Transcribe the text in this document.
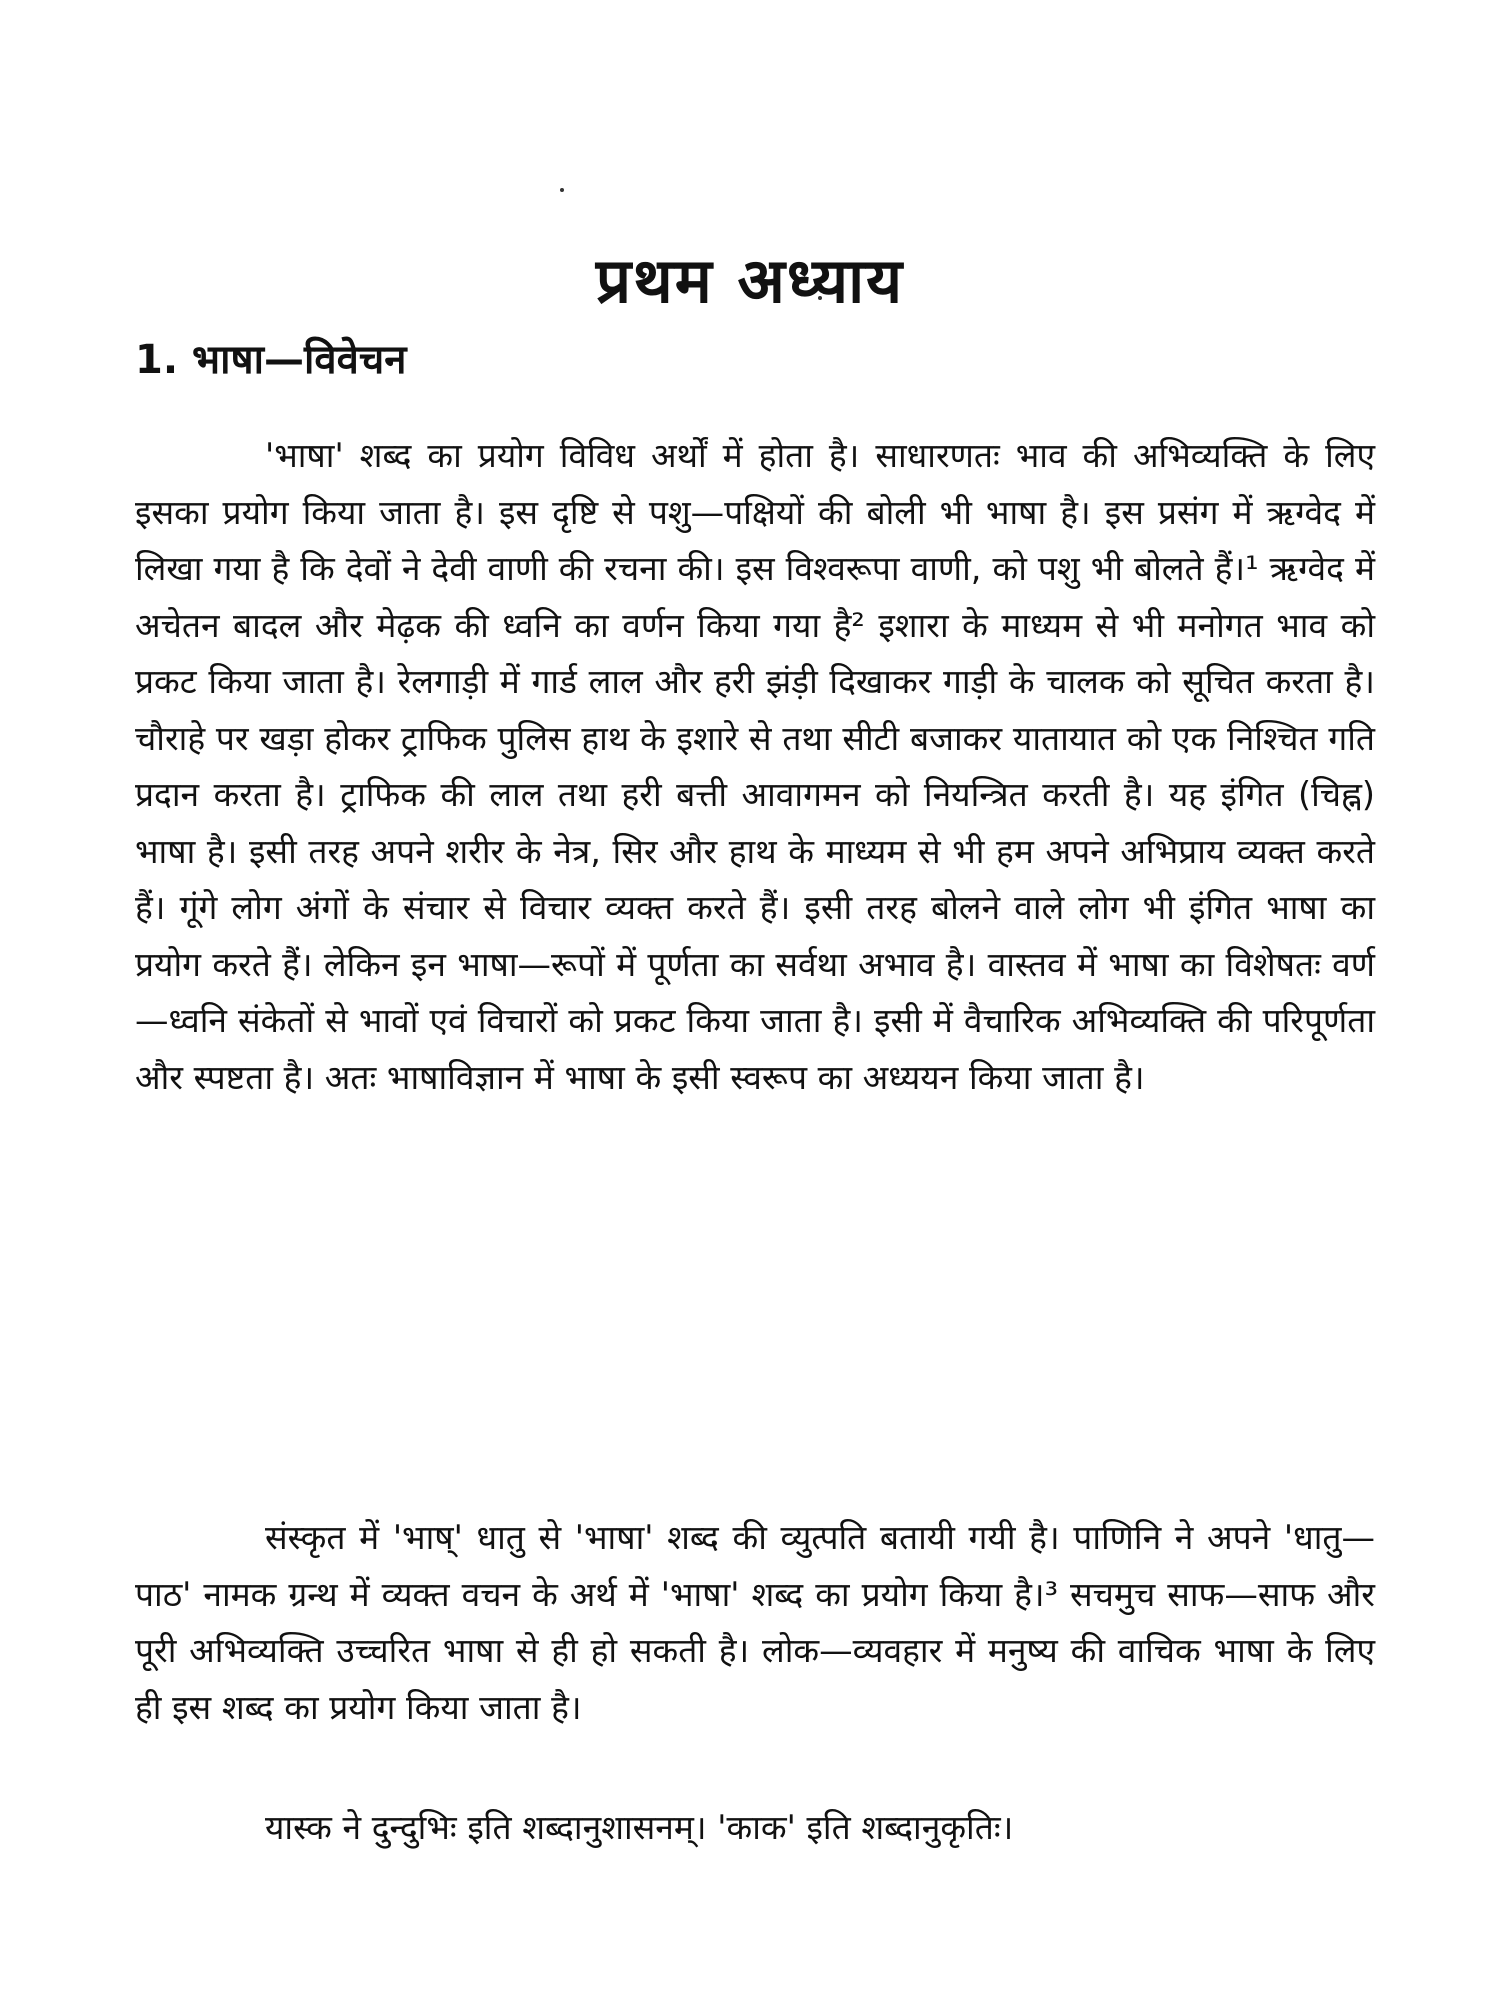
प्रथम अध्याय
1. भाषा—विवेचन

'भाषा' शब्द का प्रयोग विविध अर्थों में होता है। साधारणतः भाव की अभिव्यक्ति के लिए इसका प्रयोग किया जाता है। इस दृष्टि से पशु—पक्षियों की बोली भी भाषा है। इस प्रसंग में ऋग्वेद में लिखा गया है कि देवों ने देवी वाणी की रचना की। इस विश्वरूपा वाणी, को पशु भी बोलते हैं।¹ ऋग्वेद में अचेतन बादल और मेढ़क की ध्वनि का वर्णन किया गया है² इशारा के माध्यम से भी मनोगत भाव को प्रकट किया जाता है। रेलगाड़ी में गार्ड लाल और हरी झंड़ी दिखाकर गाड़ी के चालक को सूचित करता है। चौराहे पर खड़ा होकर ट्राफिक पुलिस हाथ के इशारे से तथा सीटी बजाकर यातायात को एक निश्चित गति प्रदान करता है। ट्राफिक की लाल तथा हरी बत्ती आवागमन को नियन्त्रित करती है। यह इंगित (चिह्न) भाषा है। इसी तरह अपने शरीर के नेत्र, सिर और हाथ के माध्यम से भी हम अपने अभिप्राय व्यक्त करते हैं। गूंगे लोग अंगों के संचार से विचार व्यक्त करते हैं। इसी तरह बोलने वाले लोग भी इंगित भाषा का प्रयोग करते हैं। लेकिन इन भाषा—रूपों में पूर्णता का सर्वथा अभाव है। वास्तव में भाषा का विशेषतः वर्ण—ध्वनि संकेतों से भावों एवं विचारों को प्रकट किया जाता है। इसी में वैचारिक अभिव्यक्ति की परिपूर्णता और स्पष्टता है। अतः भाषाविज्ञान में भाषा के इसी स्वरूप का अध्ययन किया जाता है।

संस्कृत में 'भाष्' धातु से 'भाषा' शब्द की व्युत्पति बतायी गयी है। पाणिनि ने अपने 'धातु—पाठ' नामक ग्रन्थ में व्यक्त वचन के अर्थ में 'भाषा' शब्द का प्रयोग किया है।³ सचमुच साफ—साफ और पूरी अभिव्यक्ति उच्चरित भाषा से ही हो सकती है। लोक—व्यवहार में मनुष्य की वाचिक भाषा के लिए ही इस शब्द का प्रयोग किया जाता है।

यास्क ने दुन्दुभिः इति शब्दानुशासनम्। 'काक' इति शब्दानुकृतिः।
